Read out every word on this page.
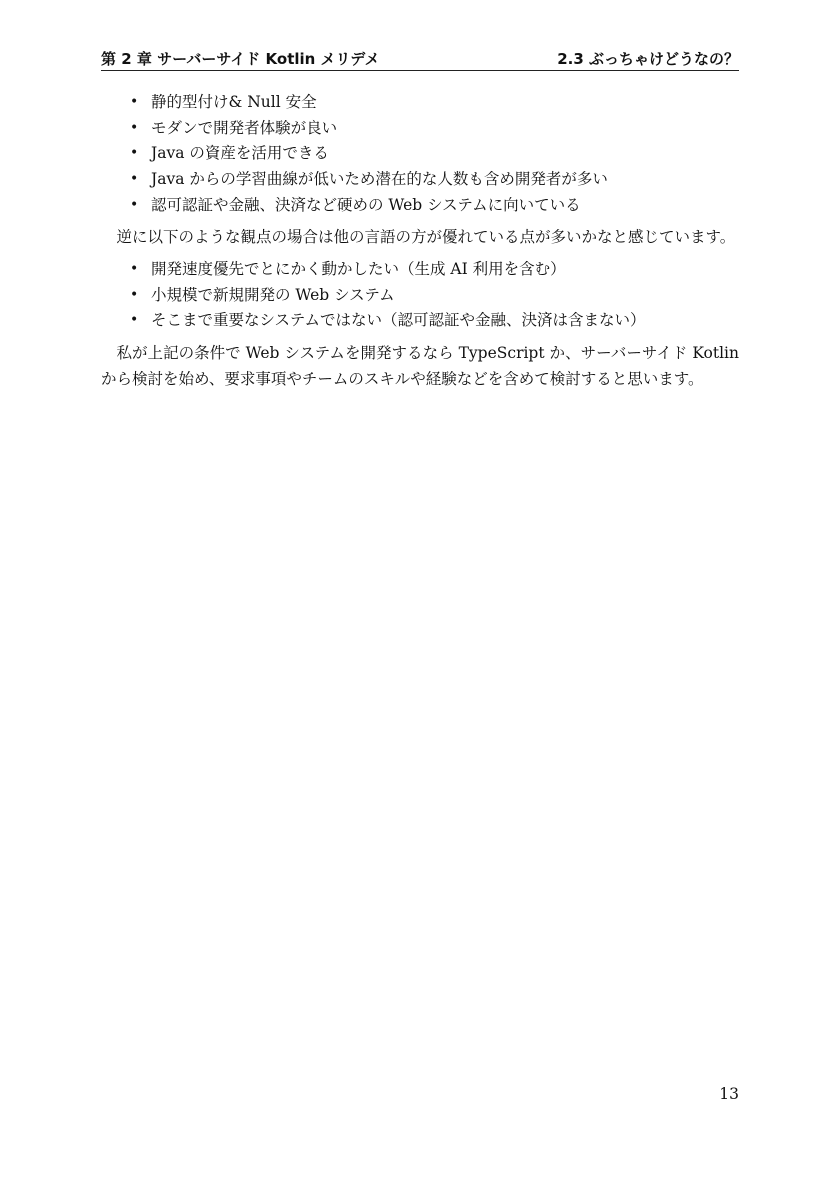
第 2 章 サーバーサイド Kotlin メリデメ	2.3 ぶっちゃけどうなの？
• 静的型付け& Null 安全
• モダンで開発者体験が良い
• Java の資産を活用できる
• Java からの学習曲線が低いため潜在的な人数も含め開発者が多い
• 認可認証や金融、決済など硬めの Web システムに向いている

逆に以下のような観点の場合は他の言語の方が優れている点が多いかなと感じています。

• 開発速度優先でとにかく動かしたい（生成 AI 利用を含む）
• 小規模で新規開発の Web システム
• そこまで重要なシステムではない（認可認証や金融、決済は含まない）

私が上記の条件で Web システムを開発するなら TypeScript か、サーバーサイド Kotlin から検討を始め、要求事項やチームのスキルや経験などを含めて検討すると思います。

13
